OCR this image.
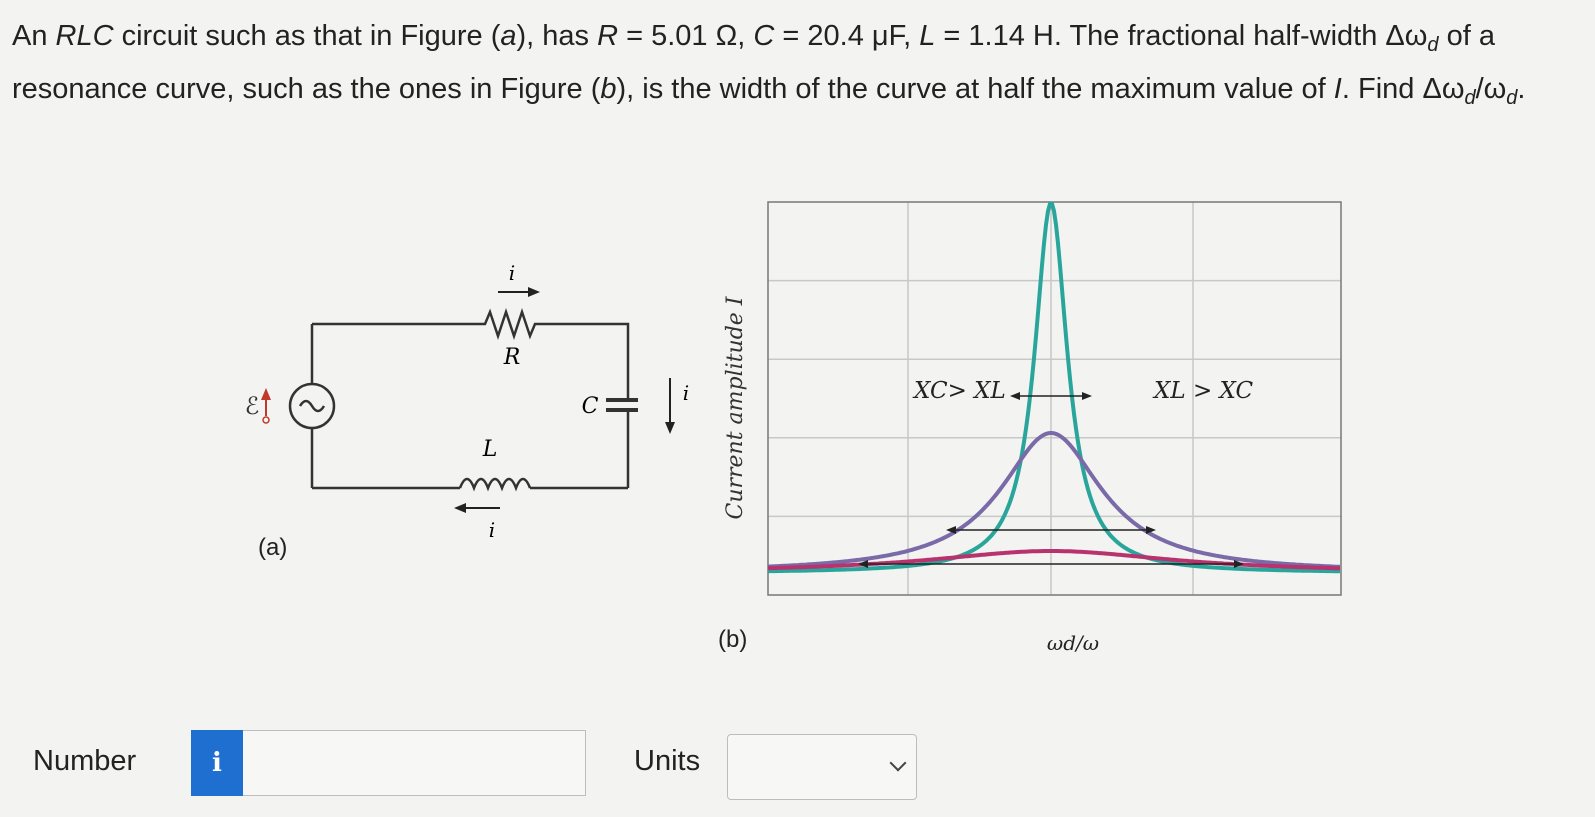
An RLC circuit such as that in Figure (a), has R = 5.01 Ω, C = 20.4 μF, L = 1.14 H. The fractional half-width $\Delta\omega_d$ of a resonance curve, such as the ones in Figure (b), is the width of the curve at half the maximum value of I. Find $\Delta\omega_d/\omega_d$.
i
R
C
i
L
i
ℰ
(a)
Current amplitude I	XC> XL	XL > XC
ωd/ω
(b)
Number	i	Units
